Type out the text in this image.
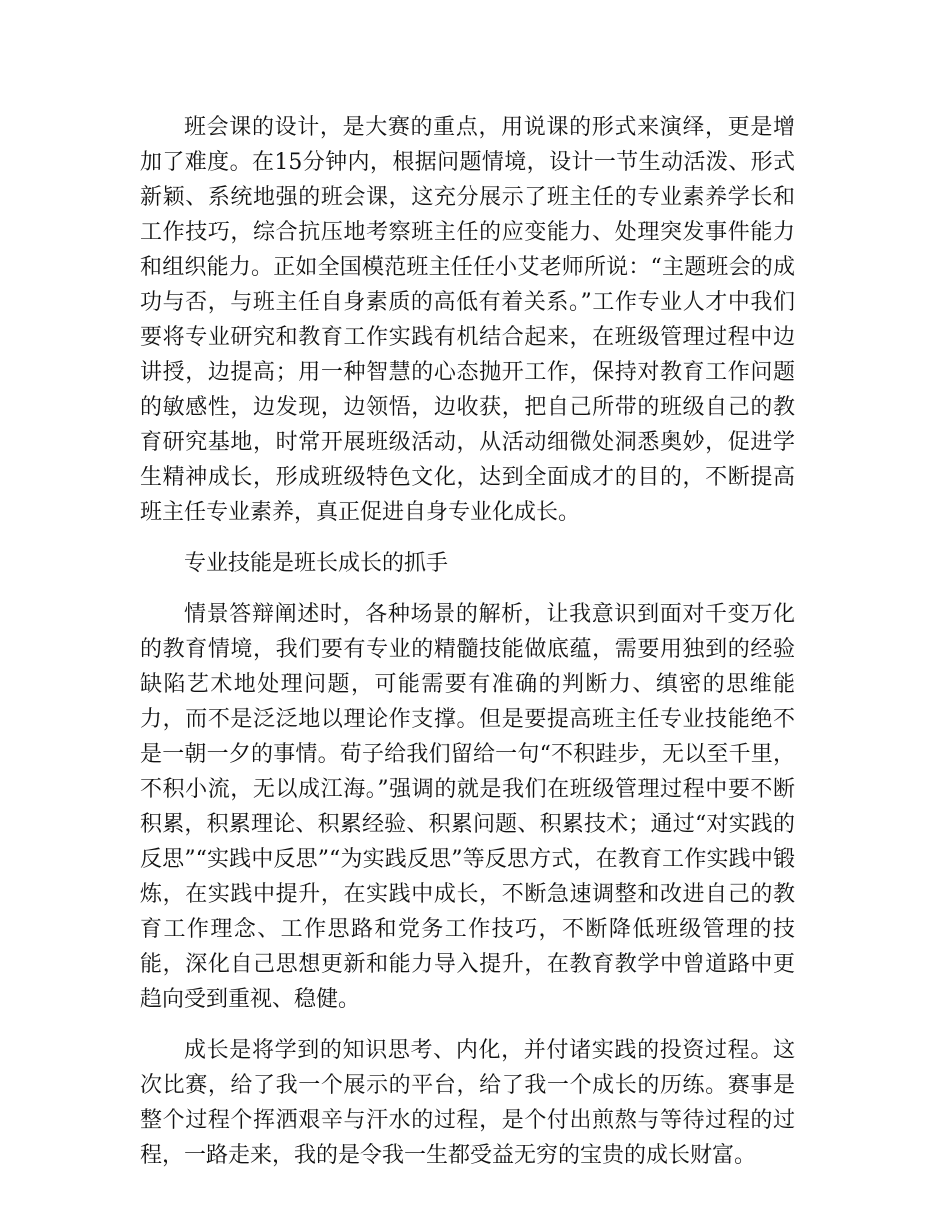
班会课的设计，是大赛的重点，用说课的形式来演绎，更是增加了难度。在15分钟内，根据问题情境，设计一节生动活泼、形式新颖、系统地强的班会课，这充分展示了班主任的专业素养学长和工作技巧，综合抗压地考察班主任的应变能力、处理突发事件能力和组织能力。正如全国模范班主任任小艾老师所说：“主题班会的成功与否，与班主任自身素质的高低有着关系。”工作专业人才中我们要将专业研究和教育工作实践有机结合起来，在班级管理过程中边讲授，边提高；用一种智慧的心态抛开工作，保持对教育工作问题的敏感性，边发现，边领悟，边收获，把自己所带的班级自己的教育研究基地，时常开展班级活动，从活动细微处洞悉奥妙，促进学生精神成长，形成班级特色文化，达到全面成才的目的，不断提高班主任专业素养，真正促进自身专业化成长。

专业技能是班长成长的抓手

情景答辩阐述时，各种场景的解析，让我意识到面对千变万化的教育情境，我们要有专业的精髓技能做底蕴，需要用独到的经验缺陷艺术地处理问题，可能需要有准确的判断力、缜密的思维能力，而不是泛泛地以理论作支撑。但是要提高班主任专业技能绝不是一朝一夕的事情。荀子给我们留给一句“不积跬步，无以至千里，不积小流，无以成江海。”强调的就是我们在班级管理过程中要不断积累，积累理论、积累经验、积累问题、积累技术；通过“对实践的反思”“实践中反思”“为实践反思”等反思方式，在教育工作实践中锻炼，在实践中提升，在实践中成长，不断急速调整和改进自己的教育工作理念、工作思路和党务工作技巧，不断降低班级管理的技能，深化自己思想更新和能力导入提升，在教育教学中曾道路中更趋向受到重视、稳健。

成长是将学到的知识思考、内化，并付诸实践的投资过程。这次比赛，给了我一个展示的平台，给了我一个成长的历练。赛事是整个过程个挥洒艰辛与汗水的过程，是个付出煎熬与等待过程的过程，一路走来，我的是令我一生都受益无穷的宝贵的成长财富。
